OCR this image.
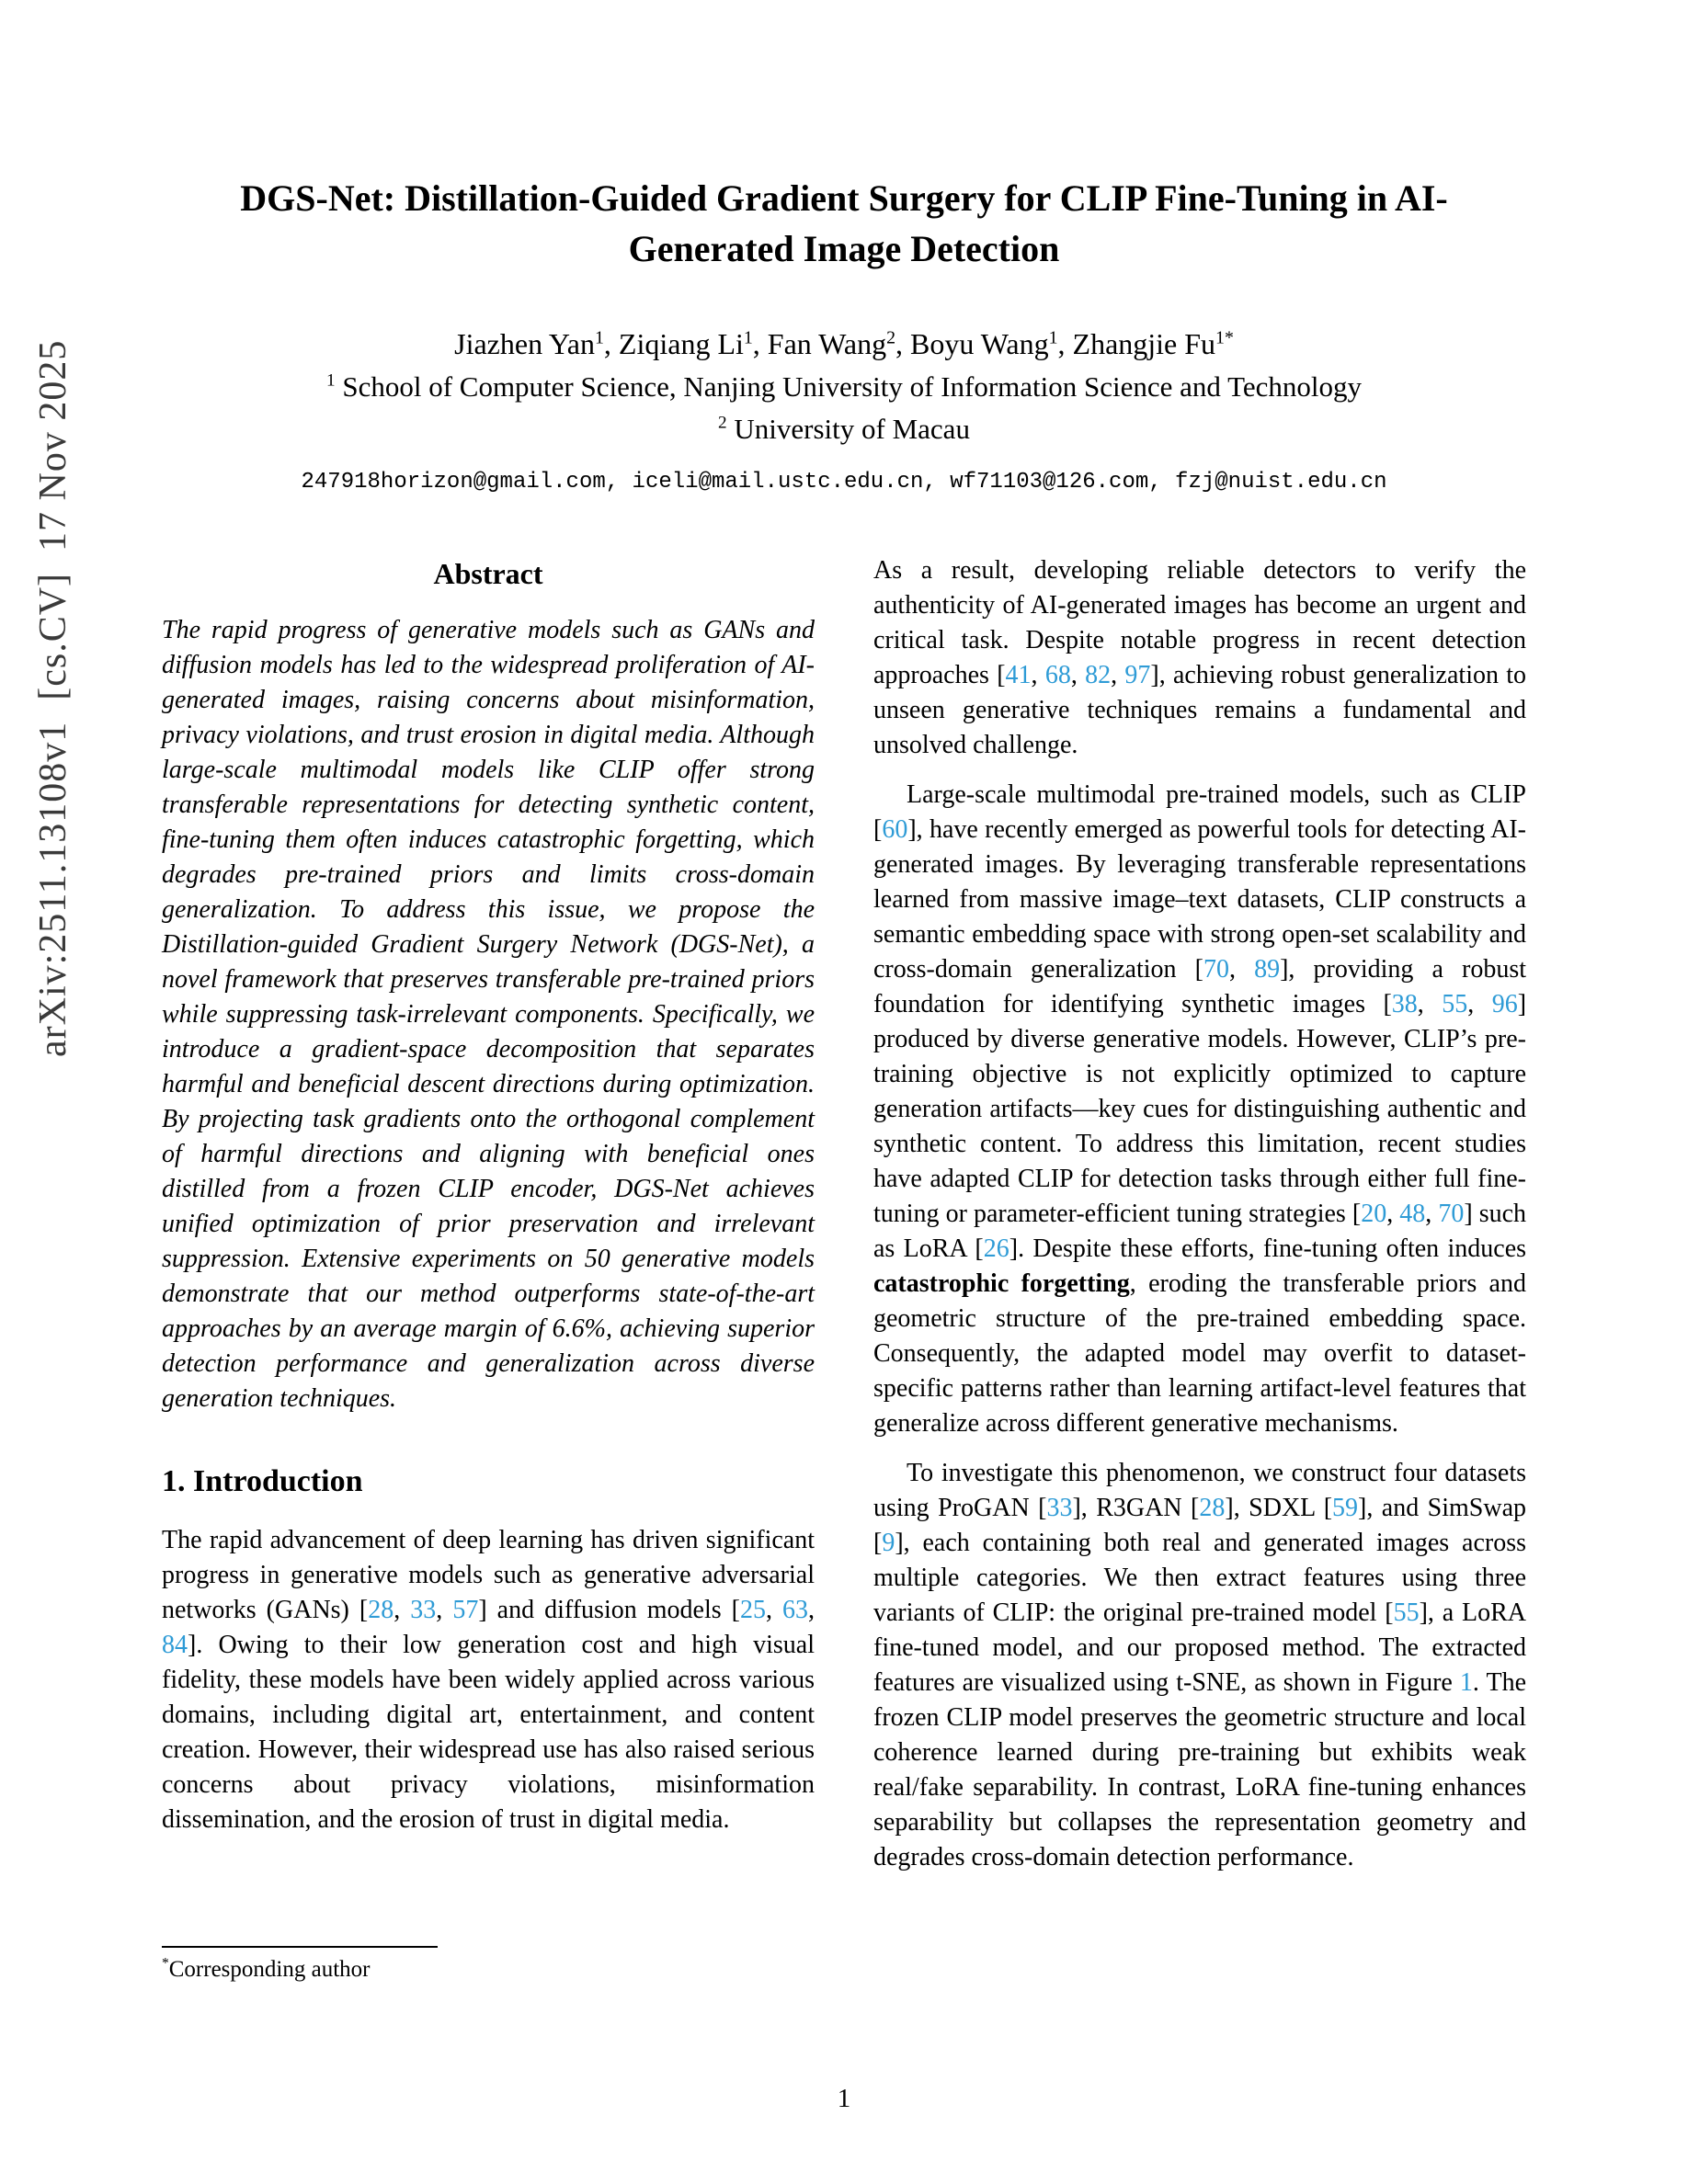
arXiv:2511.13108v1  [cs.CV]  17 Nov 2025
DGS-Net: Distillation-Guided Gradient Surgery for CLIP Fine-Tuning in AI-Generated Image Detection
Jiazhen Yan$^1$, Ziqiang Li$^1$, Fan Wang$^2$, Boyu Wang$^1$, Zhangjie $Fu^{1*}$
$^1$ School of Computer Science, Nanjing University of Information Science and Technology
$^2$ University of Macau
247918horizon@gmail.com, iceli@mail.ustc.edu.cn, wf71103@126.com, fzj@nuist.edu.cn
Abstract

The rapid progress of generative models such as GANs and diffusion models has led to the widespread proliferation of AI-generated images, raising concerns about misinformation, privacy violations, and trust erosion in digital media. Although large-scale multimodal models like CLIP offer strong transferable representations for detecting synthetic content, fine-tuning them often induces catastrophic forgetting, which degrades pre-trained priors and limits cross-domain generalization. To address this issue, we propose the Distillation-guided Gradient Surgery Network (DGS-Net), a novel framework that preserves transferable pre-trained priors while suppressing task-irrelevant components. Specifically, we introduce a gradient-space decomposition that separates harmful and beneficial descent directions during optimization. By projecting task gradients onto the orthogonal complement of harmful directions and aligning with beneficial ones distilled from a frozen CLIP encoder, DGS-Net achieves unified optimization of prior preservation and irrelevant suppression. Extensive experiments on 50 generative models demonstrate that our method outperforms state-of-the-art approaches by an average margin of 6.6%, achieving superior detection performance and generalization across diverse generation techniques.

1. Introduction

The rapid advancement of deep learning has driven significant progress in generative models such as generative adversarial networks (GANs) [28, 33, 57] and diffusion models [25, 63, 84]. Owing to their low generation cost and high visual fidelity, these models have been widely applied across various domains, including digital art, entertainment, and content creation. However, their widespread use has also raised serious concerns about privacy violations, misinformation dissemination, and the erosion of trust in digital media.

*Corresponding author

As a result, developing reliable detectors to verify the authenticity of AI-generated images has become an urgent and critical task. Despite notable progress in recent detection approaches [41, 68, 82, 97], achieving robust generalization to unseen generative techniques remains a fundamental and unsolved challenge.

Large-scale multimodal pre-trained models, such as CLIP [60], have recently emerged as powerful tools for detecting AI-generated images. By leveraging transferable representations learned from massive image–text datasets, CLIP constructs a semantic embedding space with strong open-set scalability and cross-domain generalization [70, 89], providing a robust foundation for identifying synthetic images [38, 55, 96] produced by diverse generative models. However, CLIP’s pre-training objective is not explicitly optimized to capture generation artifacts—key cues for distinguishing authentic and synthetic content. To address this limitation, recent studies have adapted CLIP for detection tasks through either full fine-tuning or parameter-efficient tuning strategies [20, 48, 70] such as LoRA [26]. Despite these efforts, fine-tuning often induces catastrophic forgetting, eroding the transferable priors and geometric structure of the pre-trained embedding space. Consequently, the adapted model may overfit to dataset-specific patterns rather than learning artifact-level features that generalize across different generative mechanisms.

To investigate this phenomenon, we construct four datasets using ProGAN [33], R3GAN [28], SDXL [59], and SimSwap [9], each containing both real and generated images across multiple categories. We then extract features using three variants of CLIP: the original pre-trained model [55], a LoRA fine-tuned model, and our proposed method. The extracted features are visualized using t-SNE, as shown in Figure 1. The frozen CLIP model preserves the geometric structure and local coherence learned during pre-training but exhibits weak real/fake separability. In contrast, LoRA fine-tuning enhances separability but collapses the representation geometry and degrades cross-domain detection performance.

1
